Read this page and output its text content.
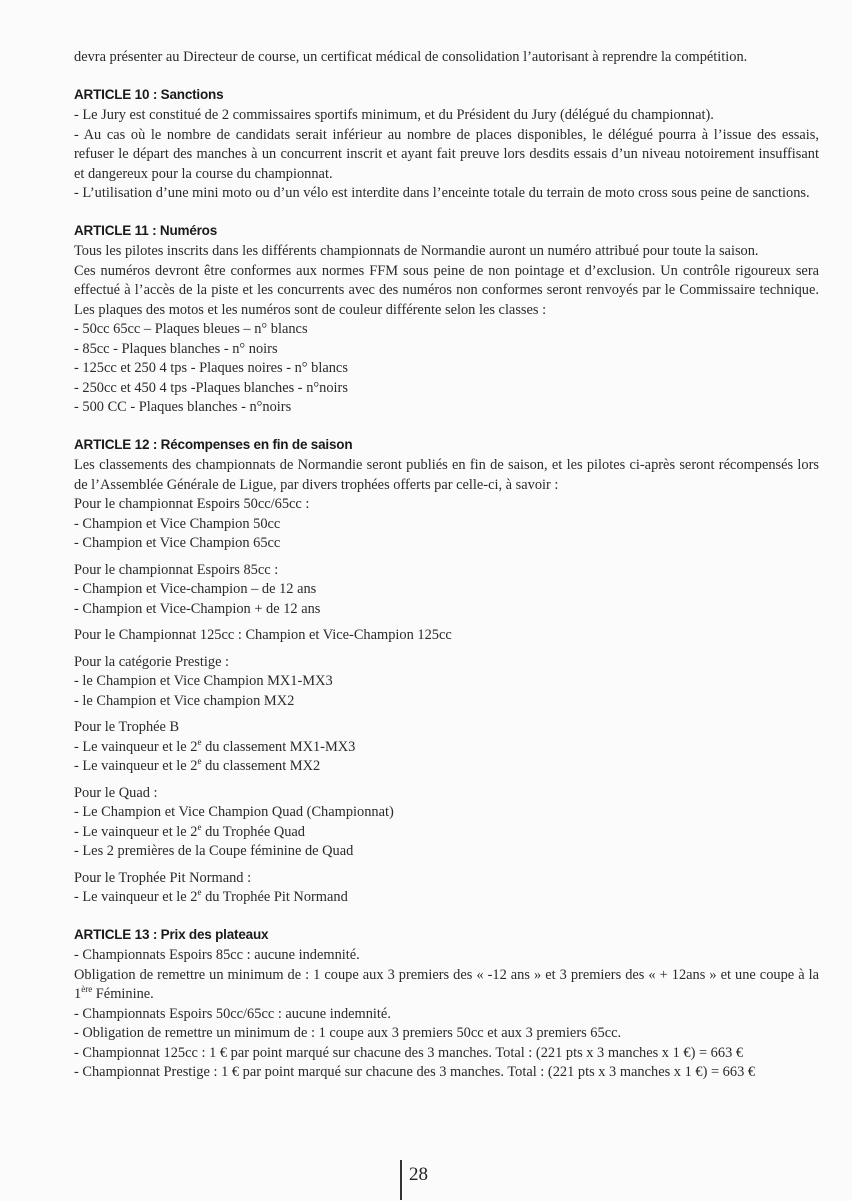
devra présenter au Directeur de course, un certificat médical de consolidation l’autorisant à reprendre la compétition.

ARTICLE 10 : Sanctions

- Le Jury est constitué de 2 commissaires sportifs minimum, et du Président du Jury (délégué du championnat).

- Au cas où le nombre de candidats serait inférieur au nombre de places disponibles, le délégué pourra à l’issue des essais, refuser le départ des manches à un concurrent inscrit et ayant fait preuve lors desdits essais d’un niveau notoirement insuffisant et dangereux pour la course du championnat.

- L’utilisation d’une mini moto ou d’un vélo est interdite dans l’enceinte totale du terrain de moto cross sous peine de sanctions.

ARTICLE 11 : Numéros

Tous les pilotes inscrits dans les différents championnats de Normandie auront un numéro attribué pour toute la saison.

Ces numéros devront être conformes aux normes FFM sous peine de non pointage et d’exclusion. Un contrôle rigoureux sera effectué à l’accès de la piste et les concurrents avec des numéros non conformes seront renvoyés par le Commissaire technique. Les plaques des motos et les numéros sont de couleur différente selon les classes :

- 50cc 65cc – Plaques bleues – n° blancs

- 85cc - Plaques blanches - n° noirs

- 125cc et 250 4 tps - Plaques noires - n° blancs

- 250cc et 450 4 tps -Plaques blanches - n°noirs

- 500 CC - Plaques blanches - n°noirs

ARTICLE 12 : Récompenses en fin de saison

Les classements des championnats de Normandie seront publiés en fin de saison, et les pilotes ci-après seront récompensés lors de l’Assemblée Générale de Ligue, par divers trophées offerts par celle-ci, à savoir :

Pour le championnat Espoirs 50cc/65cc :

- Champion et Vice Champion 50cc

- Champion et Vice Champion 65cc

Pour le championnat Espoirs 85cc :

- Champion et Vice-champion – de 12 ans

- Champion et Vice-Champion + de 12 ans

Pour le Championnat 125cc : Champion et Vice-Champion 125cc

Pour la catégorie Prestige :

- le Champion et Vice Champion MX1-MX3

- le Champion et Vice champion MX2

Pour le Trophée B

- Le vainqueur et le 2e du classement MX1-MX3

- Le vainqueur et le 2e du classement MX2

Pour le Quad :

- Le Champion et Vice Champion Quad (Championnat)

- Le vainqueur et le 2e du Trophée Quad

- Les 2 premières de la Coupe féminine de Quad

Pour le Trophée Pit Normand :

- Le vainqueur et le 2e du Trophée Pit Normand

ARTICLE 13 : Prix des plateaux

- Championnats Espoirs 85cc : aucune indemnité.

Obligation de remettre un minimum de : 1 coupe aux 3 premiers des « -12 ans » et 3 premiers des « + 12ans » et une coupe à la 1ère Féminine.

- Championnats Espoirs 50cc/65cc : aucune indemnité.

- Obligation de remettre un minimum de : 1 coupe aux 3 premiers 50cc et aux 3 premiers 65cc.

- Championnat 125cc : 1 € par point marqué sur chacune des 3 manches. Total : (221 pts x 3 manches x 1 €) = 663 €

- Championnat Prestige : 1 € par point marqué sur chacune des 3 manches. Total : (221 pts x 3 manches x 1 €) = 663 €

28
